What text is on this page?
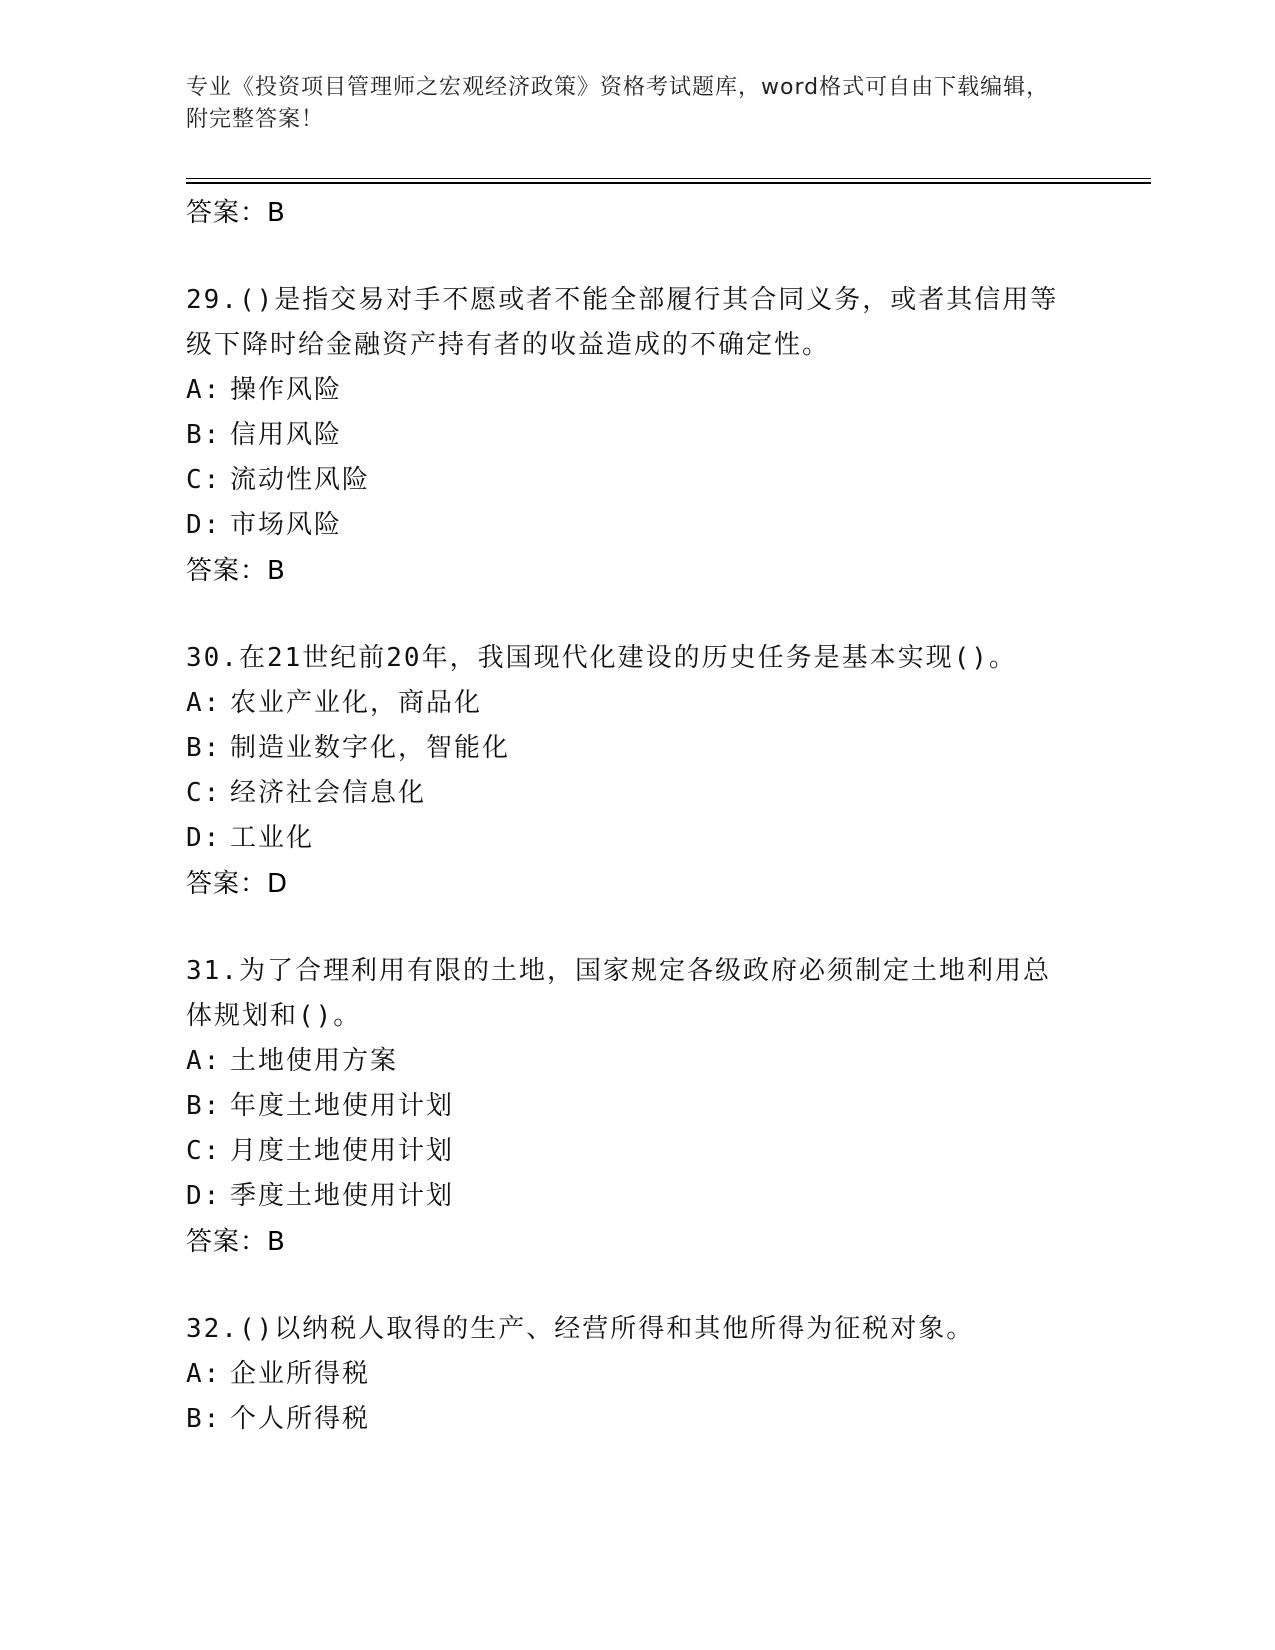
专业《投资项目管理师之宏观经济政策》资格考试题库，word格式可自由下载编辑，附完整答案！
答案：B
29.()是指交易对手不愿或者不能全部履行其合同义务，或者其信用等级下降时给金融资产持有者的收益造成的不确定性。
A: 操作风险
B: 信用风险
C: 流动性风险
D: 市场风险
答案：B
30.在21世纪前20年，我国现代化建设的历史任务是基本实现()。
A: 农业产业化，商品化
B: 制造业数字化，智能化
C: 经济社会信息化
D: 工业化
答案：D
31.为了合理利用有限的土地，国家规定各级政府必须制定土地利用总体规划和()。
A: 土地使用方案
B: 年度土地使用计划
C: 月度土地使用计划
D: 季度土地使用计划
答案：B
32.()以纳税人取得的生产、经营所得和其他所得为征税对象。
A: 企业所得税
B: 个人所得税
